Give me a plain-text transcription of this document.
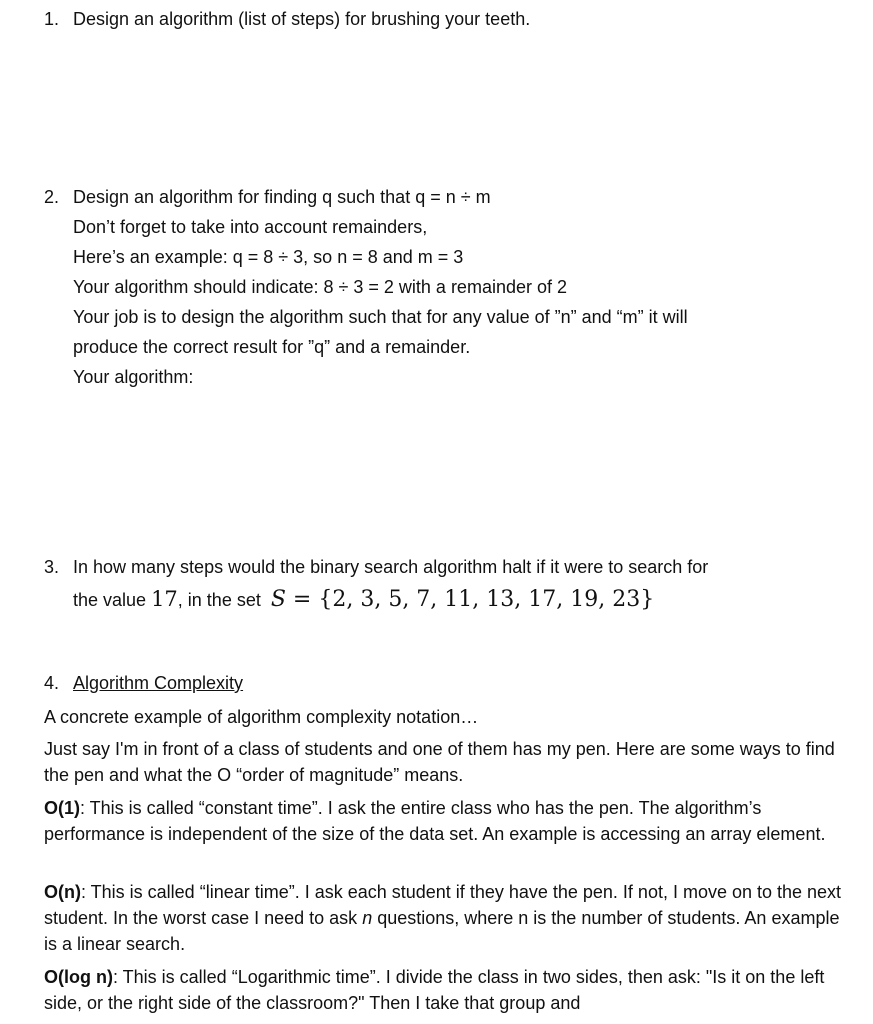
1. Design an algorithm (list of steps) for brushing your teeth.
2. Design an algorithm for finding q such that q = n ÷ m
Don’t forget to take into account remainders,
Here’s an example: q = 8 ÷ 3, so n = 8 and m = 3
Your algorithm should indicate: 8 ÷ 3 = 2 with a remainder of 2
Your job is to design the algorithm such that for any value of ”n” and “m” it will
produce the correct result for ”q” and a remainder.
Your algorithm:
3. In how many steps would the binary search algorithm halt if it were to search for
the value 17, in the set S = {2, 3, 5, 7, 11, 13, 17, 19, 23}
4. Algorithm Complexity
A concrete example of algorithm complexity notation…
Just say I'm in front of a class of students and one of them has my pen. Here are some ways to find the pen and what the O “order of magnitude” means.
O(1): This is called “constant time”. I ask the entire class who has the pen. The algorithm’s performance is independent of the size of the data set. An example is accessing an array element.
O(n): This is called “linear time”. I ask each student if they have the pen. If not, I move on to the next student. In the worst case I need to ask n questions, where n is the number of students. An example is a linear search.
O(log n): This is called “Logarithmic time”. I divide the class in two sides, then ask: "Is it on the left side, or the right side of the classroom?" Then I take that group and
